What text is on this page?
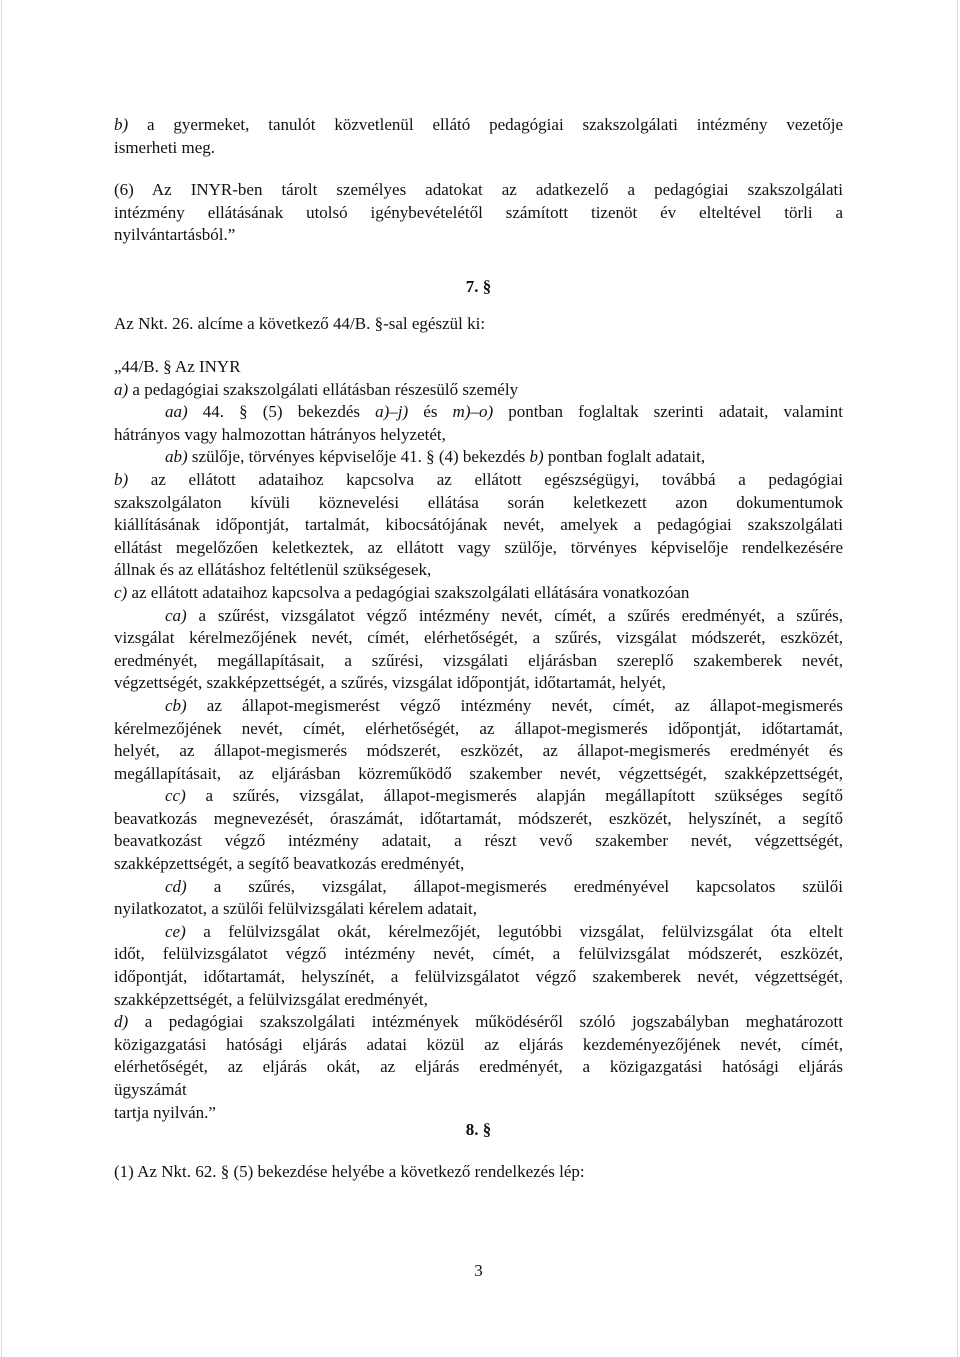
b) a gyermeket, tanulót közvetlenül ellátó pedagógiai szakszolgálati intézmény vezetője
ismerheti meg.
(6) Az INYR-ben tárolt személyes adatokat az adatkezelő a pedagógiai szakszolgálati
intézmény ellátásának utolsó igénybevételétől számított tizenöt év elteltével törli a
nyilvántartásból.”
7. §
Az Nkt. 26. alcíme a következő 44/B. §-sal egészül ki:
„44/B. § Az INYR
a) a pedagógiai szakszolgálati ellátásban részesülő személy
aa) 44. § (5) bekezdés a)–j) és m)–o) pontban foglaltak szerinti adatait, valamint
hátrányos vagy halmozottan hátrányos helyzetét,
ab) szülője, törvényes képviselője 41. § (4) bekezdés b) pontban foglalt adatait,
b) az ellátott adataihoz kapcsolva az ellátott egészségügyi, továbbá a pedagógiai
szakszolgálaton kívüli köznevelési ellátása során keletkezett azon dokumentumok
kiállításának időpontját, tartalmát, kibocsátójának nevét, amelyek a pedagógiai szakszolgálati
ellátást megelőzően keletkeztek, az ellátott vagy szülője, törvényes képviselője rendelkezésére
állnak és az ellátáshoz feltétlenül szükségesek,
c) az ellátott adataihoz kapcsolva a pedagógiai szakszolgálati ellátására vonatkozóan
ca) a szűrést, vizsgálatot végző intézmény nevét, címét, a szűrés eredményét, a szűrés,
vizsgálat kérelmezőjének nevét, címét, elérhetőségét, a szűrés, vizsgálat módszerét, eszközét,
eredményét, megállapításait, a szűrési, vizsgálati eljárásban szereplő szakemberek nevét,
végzettségét, szakképzettségét, a szűrés, vizsgálat időpontját, időtartamát, helyét,
cb) az állapot-megismerést végző intézmény nevét, címét, az állapot-megismerés
kérelmezőjének nevét, címét, elérhetőségét, az állapot-megismerés időpontját, időtartamát,
helyét, az állapot-megismerés módszerét, eszközét, az állapot-megismerés eredményét és
megállapításait, az eljárásban közreműködő szakember nevét, végzettségét, szakképzettségét,
cc) a szűrés, vizsgálat, állapot-megismerés alapján megállapított szükséges segítő
beavatkozás megnevezését, óraszámát, időtartamát, módszerét, eszközét, helyszínét, a segítő
beavatkozást végző intézmény adatait, a részt vevő szakember nevét, végzettségét,
szakképzettségét, a segítő beavatkozás eredményét,
cd) a szűrés, vizsgálat, állapot-megismerés eredményével kapcsolatos szülői
nyilatkozatot, a szülői felülvizsgálati kérelem adatait,
ce) a felülvizsgálat okát, kérelmezőjét, legutóbbi vizsgálat, felülvizsgálat óta eltelt
időt, felülvizsgálatot végző intézmény nevét, címét, a felülvizsgálat módszerét, eszközét,
időpontját, időtartamát, helyszínét, a felülvizsgálatot végző szakemberek nevét, végzettségét,
szakképzettségét, a felülvizsgálat eredményét,
d) a pedagógiai szakszolgálati intézmények működéséről szóló jogszabályban meghatározott
közigazgatási hatósági eljárás adatai közül az eljárás kezdeményezőjének nevét, címét,
elérhetőségét, az eljárás okát, az eljárás eredményét, a közigazgatási hatósági eljárás
ügyszámát
tartja nyilván.”
8. §
(1) Az Nkt. 62. § (5) bekezdése helyébe a következő rendelkezés lép:
3
